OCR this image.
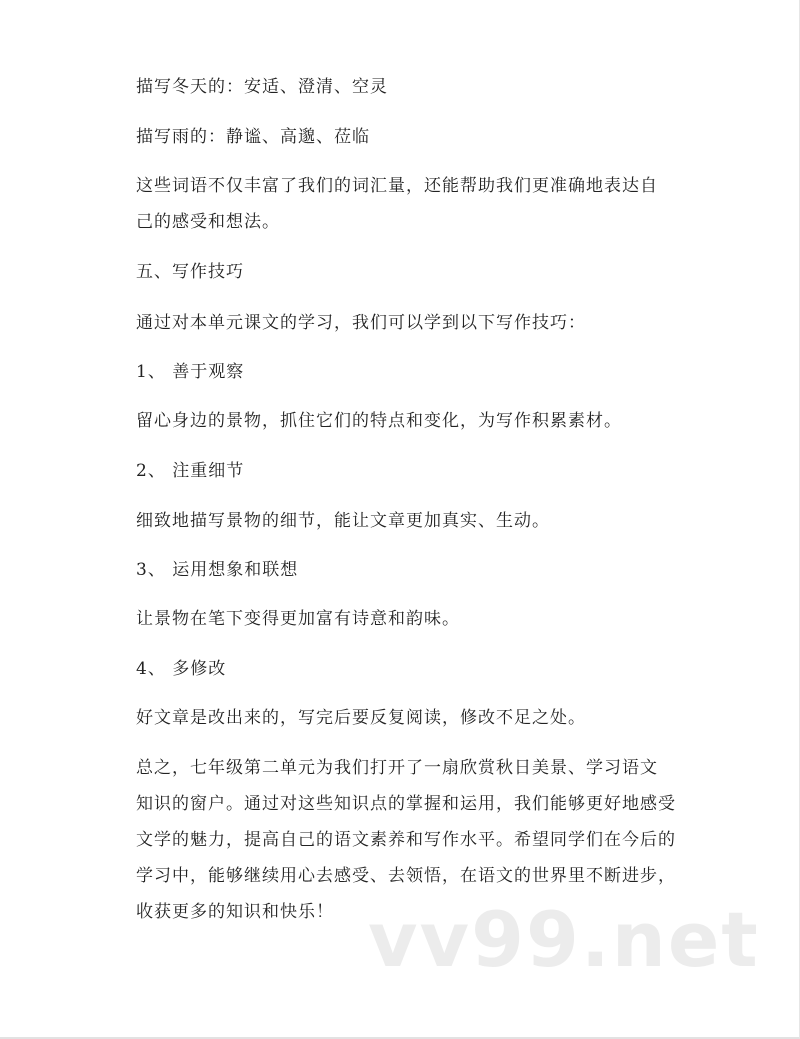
描写冬天的：安适、澄清、空灵
描写雨的：静谧、高邈、莅临
这些词语不仅丰富了我们的词汇量，还能帮助我们更准确地表达自
己的感受和想法。
五、写作技巧
通过对本单元课文的学习，我们可以学到以下写作技巧：
1、 善于观察
留心身边的景物，抓住它们的特点和变化，为写作积累素材。
2、 注重细节
细致地描写景物的细节，能让文章更加真实、生动。
3、 运用想象和联想
让景物在笔下变得更加富有诗意和韵味。
4、 多修改
好文章是改出来的，写完后要反复阅读，修改不足之处。
总之，七年级第二单元为我们打开了一扇欣赏秋日美景、学习语文
知识的窗户。通过对这些知识点的掌握和运用，我们能够更好地感受
文学的魅力，提高自己的语文素养和写作水平。希望同学们在今后的
学习中，能够继续用心去感受、去领悟，在语文的世界里不断进步，
收获更多的知识和快乐！ vv99.net
